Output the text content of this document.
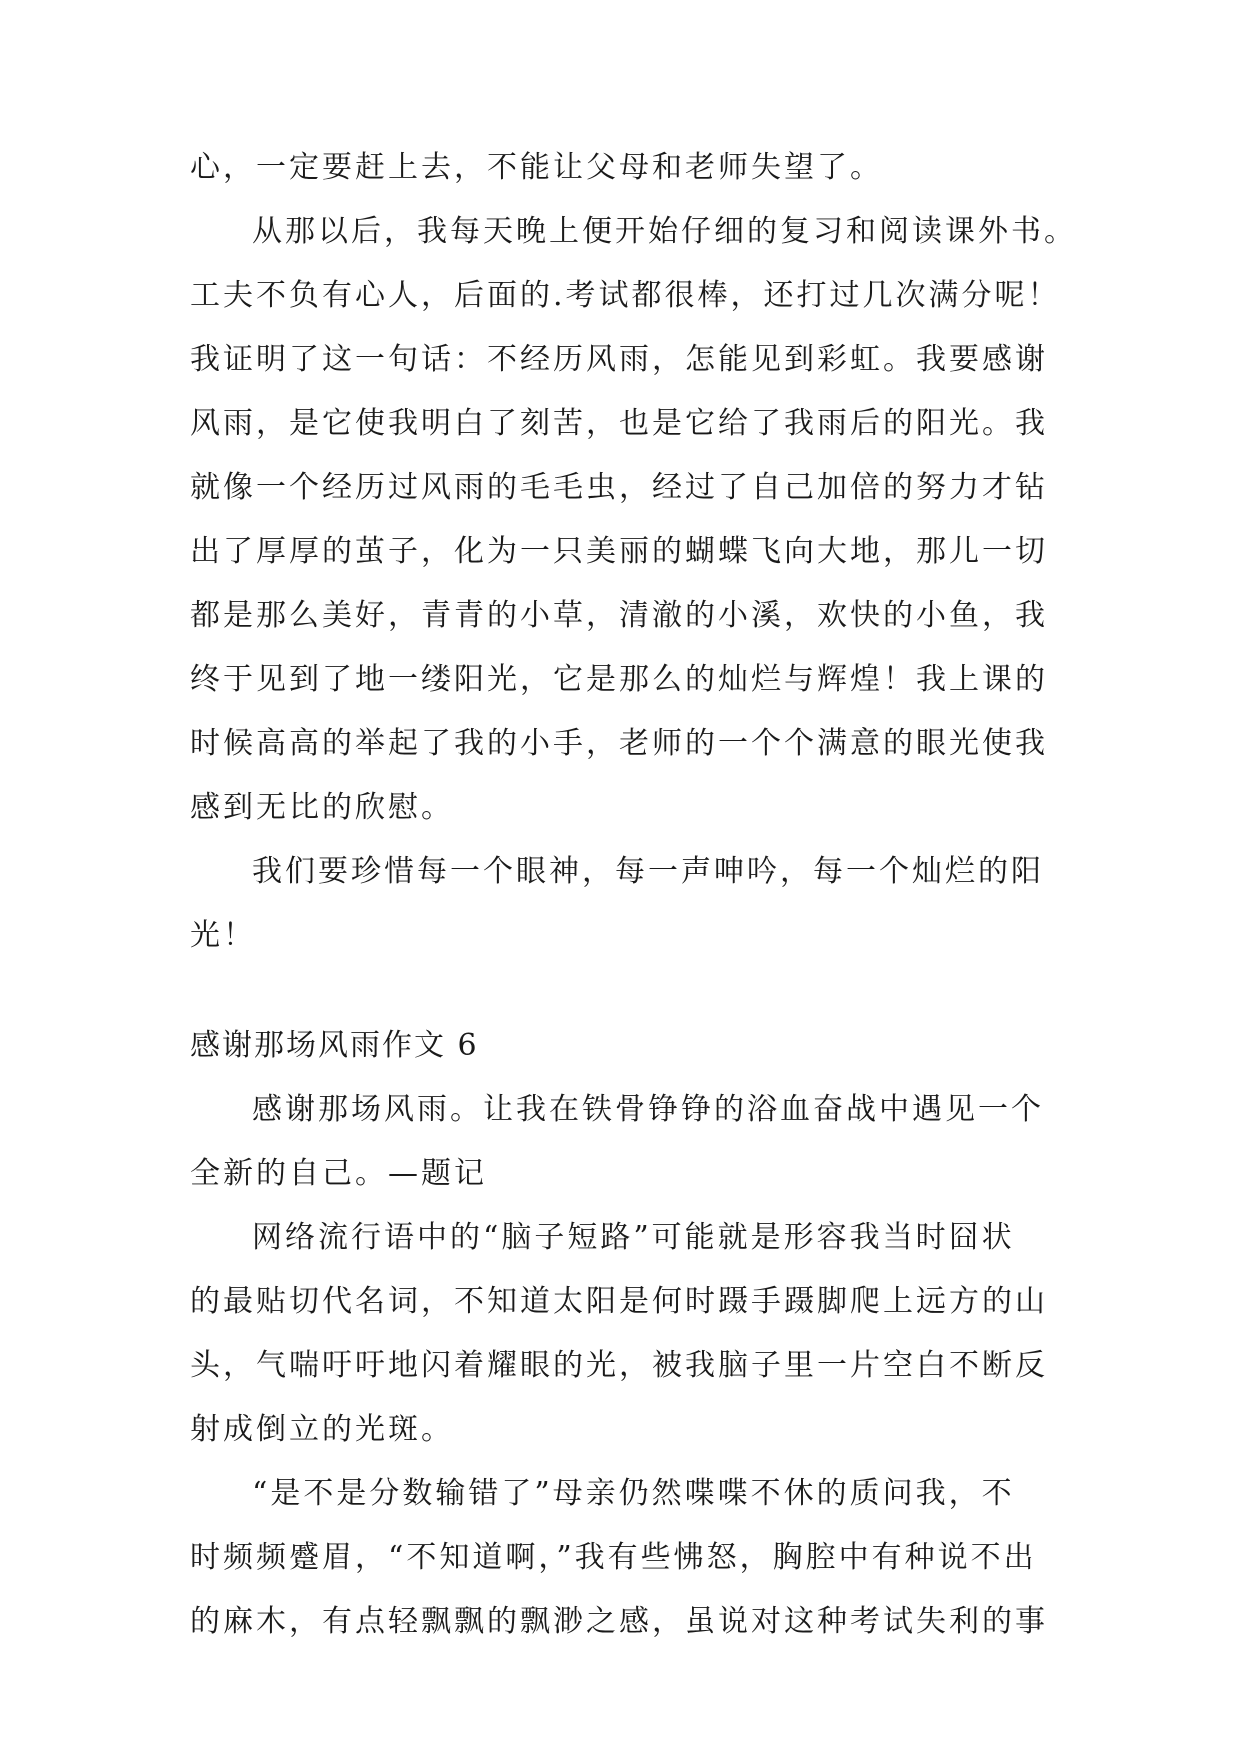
心，一定要赶上去，不能让父母和老师失望了。
从那以后，我每天晚上便开始仔细的复习和阅读课外书。
工夫不负有心人，后面的.考试都很棒，还打过几次满分呢！
我证明了这一句话：不经历风雨，怎能见到彩虹。我要感谢
风雨，是它使我明白了刻苦，也是它给了我雨后的阳光。我
就像一个经历过风雨的毛毛虫，经过了自己加倍的努力才钻
出了厚厚的茧子，化为一只美丽的蝴蝶飞向大地，那儿一切
都是那么美好，青青的小草，清澈的小溪，欢快的小鱼，我
终于见到了地一缕阳光，它是那么的灿烂与辉煌！我上课的
时候高高的举起了我的小手，老师的一个个满意的眼光使我
感到无比的欣慰。
我们要珍惜每一个眼神，每一声呻吟，每一个灿烂的阳
光！
感谢那场风雨作文 6
感谢那场风雨。让我在铁骨铮铮的浴血奋战中遇见一个
全新的自己。—题记
网络流行语中的“脑子短路”可能就是形容我当时囧状
的最贴切代名词，不知道太阳是何时蹑手蹑脚爬上远方的山
头，气喘吁吁地闪着耀眼的光，被我脑子里一片空白不断反
射成倒立的光斑。
“是不是分数输错了”母亲仍然喋喋不休的质问我，不
时频频蹙眉，“不知道啊，”我有些怫怒，胸腔中有种说不出
的麻木，有点轻飘飘的飘渺之感，虽说对这种考试失利的事
